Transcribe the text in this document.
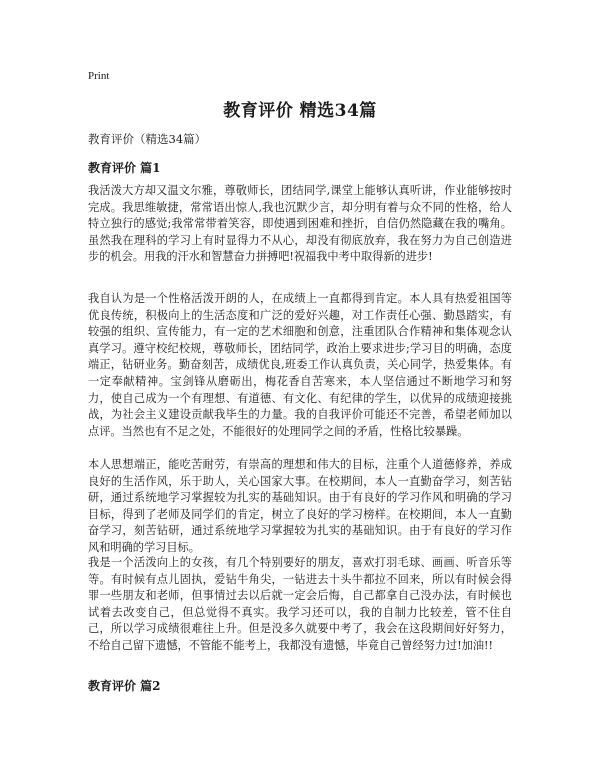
Print
教育评价 精选34篇
教育评价（精选34篇）
教育评价 篇1

我活泼大方却又温文尔雅，尊敬师长，团结同学,课堂上能够认真听讲，作业能够按时完成。我思维敏捷，常常语出惊人,我也沉默少言，却分明有着与众不同的性格，给人特立独行的感觉;我常常带着笑容，即使遇到困难和挫折，自信仍然隐藏在我的嘴角。虽然我在理科的学习上有时显得力不从心，却没有彻底放弃，我在努力为自己创造进步的机会。用我的汗水和智慧奋力拼搏吧!祝福我中考中取得新的进步!

我自认为是一个性格活泼开朗的人，在成绩上一直都得到肯定。本人具有热爱祖国等优良传统，积极向上的生活态度和广泛的爱好兴趣，对工作责任心强、勤恳踏实，有较强的组织、宣传能力，有一定的艺术细胞和创意，注重团队合作精神和集体观念认真学习。遵守校纪校规，尊敬师长，团结同学，政治上要求进步;学习目的明确，态度端正，钻研业务。勤奋刻苦，成绩优良,班委工作认真负责，关心同学，热爱集体。有一定奉献精神。宝剑锋从磨砺出，梅花香自苦寒来，本人坚信通过不断地学习和努力，使自己成为一个有理想、有道德、有文化、有纪律的学生，以优异的成绩迎接挑战，为社会主义建设贡献我毕生的力量。我的自我评价可能还不完善，希望老师加以点评。当然也有不足之处，不能很好的处理同学之间的矛盾，性格比较暴躁。

本人思想端正，能吃苦耐劳，有崇高的理想和伟大的目标，注重个人道德修养，养成良好的生活作风，乐于助人，关心国家大事。在校期间，本人一直勤奋学习，刻苦钻研，通过系统地学习掌握较为扎实的基础知识。由于有良好的学习作风和明确的学习目标，得到了老师及同学们的肯定，树立了良好的学习榜样。在校期间，本人一直勤奋学习，刻苦钻研，通过系统地学习掌握较为扎实的基础知识。由于有良好的学习作风和明确的学习目标。

我是一个活泼向上的女孩，有几个特别要好的朋友，喜欢打羽毛球、画画、听音乐等等。有时候有点儿固执，爱钻牛角尖，一钻进去十头牛都拉不回来，所以有时候会得罪一些朋友和老师，但事情过去以后就一定会后悔，自己都拿自己没办法，有时候也试着去改变自己，但总觉得不真实。我学习还可以，我的自制力比较差，管不住自己，所以学习成绩很难往上升。但是没多久就要中考了，我会在这段期间好好努力，不给自己留下遗憾，不管能不能考上，我都没有遗憾，毕竟自己曾经努力过!加油!!

教育评价 篇2
